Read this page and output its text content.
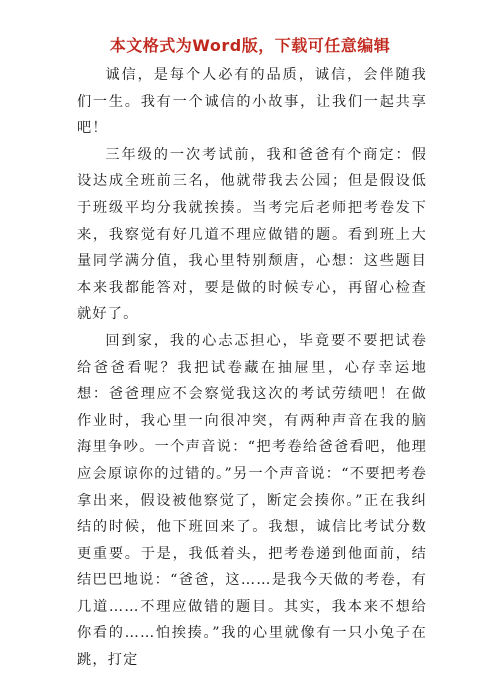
本文格式为Word版，下载可任意编辑

诚信，是每个人必有的品质，诚信，会伴随我们一生。我有一个诚信的小故事，让我们一起共享吧！

三年级的一次考试前，我和爸爸有个商定：假设达成全班前三名，他就带我去公园；但是假设低于班级平均分我就挨揍。当考完后老师把考卷发下来，我察觉有好几道不理应做错的题。看到班上大量同学满分值，我心里特别颓唐，心想：这些题目本来我都能答对，要是做的时候专心，再留心检查就好了。

回到家，我的心忐忑担心，毕竟要不要把试卷给爸爸看呢？我把试卷藏在抽屉里，心存幸运地想：爸爸理应不会察觉我这次的考试劳绩吧！在做作业时，我心里一向很冲突，有两种声音在我的脑海里争吵。一个声音说：“把考卷给爸爸看吧，他理应会原谅你的过错的。”另一个声音说：“不要把考卷拿出来，假设被他察觉了，断定会揍你。”正在我纠结的时候，他下班回来了。我想，诚信比考试分数更重要。于是，我低着头，把考卷递到他面前，结结巴巴地说：“爸爸，这……是我今天做的考卷，有几道……不理应做错的题目。其实，我本来不想给你看的……怕挨揍。”我的心里就像有一只小兔子在跳，打定
